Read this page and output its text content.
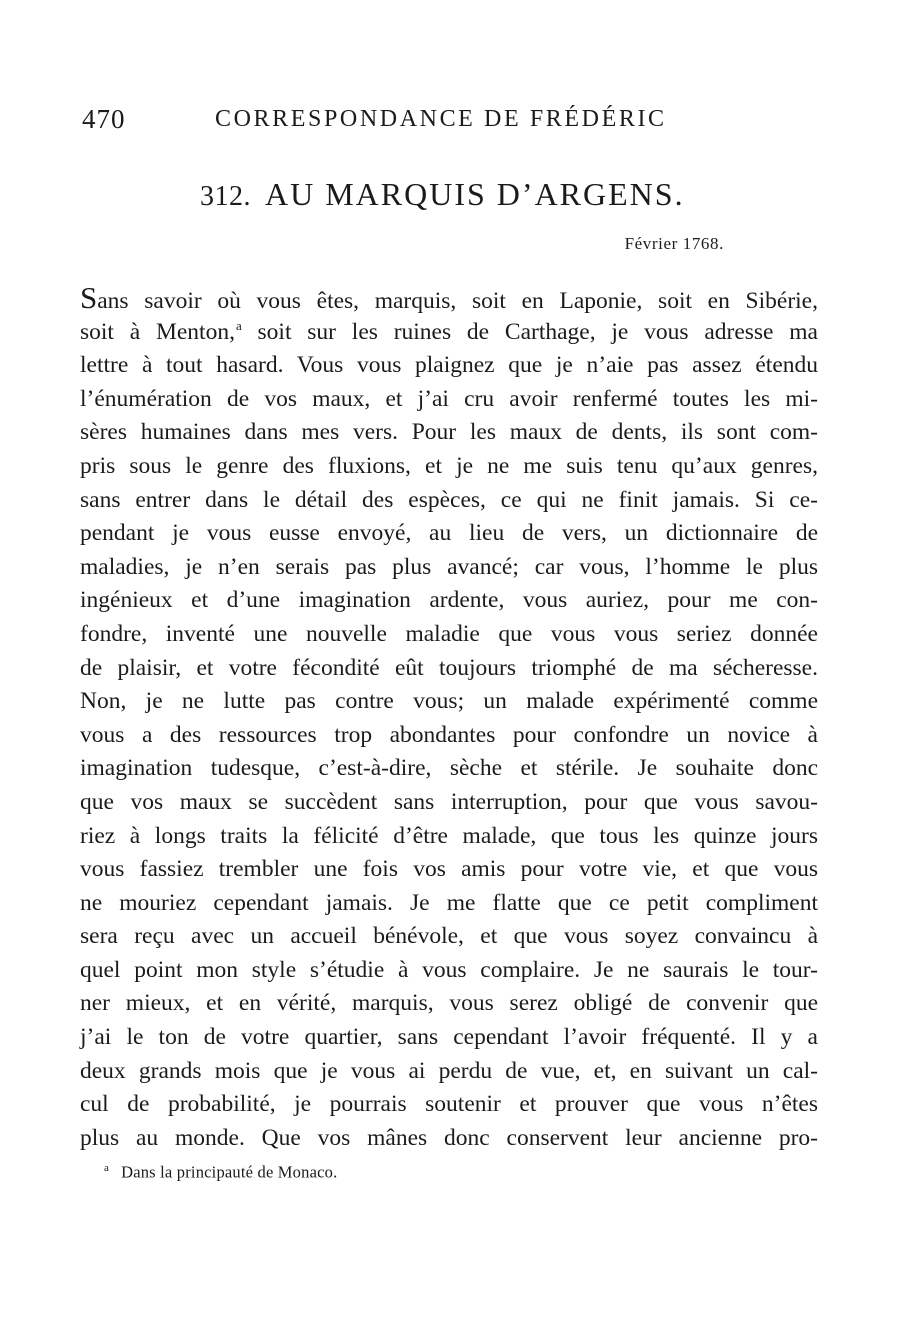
470	CORRESPONDANCE DE FRÉDÉRIC
312. AU MARQUIS D’ARGENS.
Février 1768.
Sans savoir où vous êtes, marquis, soit en Laponie, soit en Sibérie,
soit à Menton,$^a$ soit sur les ruines de Carthage, je vous adresse ma
lettre à tout hasard. Vous vous plaignez que je n’aie pas assez étendu
l’énumération de vos maux, et j’ai cru avoir renfermé toutes les mi-
sères humaines dans mes vers. Pour les maux de dents, ils sont com-
pris sous le genre des fluxions, et je ne me suis tenu qu’aux genres,
sans entrer dans le détail des espèces, ce qui ne finit jamais. Si ce-
pendant je vous eusse envoyé, au lieu de vers, un dictionnaire de
maladies, je n’en serais pas plus avancé; car vous, l’homme le plus
ingénieux et d’une imagination ardente, vous auriez, pour me con-
fondre, inventé une nouvelle maladie que vous vous seriez donnée
de plaisir, et votre fécondité eût toujours triomphé de ma sécheresse.
Non, je ne lutte pas contre vous; un malade expérimenté comme
vous a des ressources trop abondantes pour confondre un novice à
imagination tudesque, c’est-à-dire, sèche et stérile. Je souhaite donc
que vos maux se succèdent sans interruption, pour que vous savou-
riez à longs traits la félicité d’être malade, que tous les quinze jours
vous fassiez trembler une fois vos amis pour votre vie, et que vous
ne mouriez cependant jamais. Je me flatte que ce petit compliment
sera reçu avec un accueil bénévole, et que vous soyez convaincu à
quel point mon style s’étudie à vous complaire. Je ne saurais le tour-
ner mieux, et en vérité, marquis, vous serez obligé de convenir que
j’ai le ton de votre quartier, sans cependant l’avoir fréquenté. Il y a
deux grands mois que je vous ai perdu de vue, et, en suivant un cal-
cul de probabilité, je pourrais soutenir et prouver que vous n’êtes
plus au monde. Que vos mânes donc conservent leur ancienne pro-
$^a$ Dans la principauté de Monaco.
